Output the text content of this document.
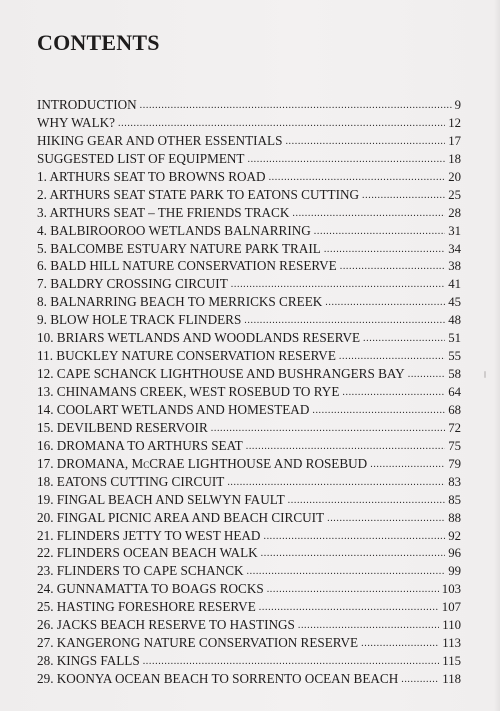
CONTENTS
INTRODUCTION .....	9
WHY WALK? .....	12
HIKING GEAR AND OTHER ESSENTIALS .....	17
SUGGESTED LIST OF EQUIPMENT .....	18
1. ARTHURS SEAT TO BROWNS ROAD .....	20
2. ARTHURS SEAT STATE PARK TO EATONS CUTTING .....	25
3. ARTHURS SEAT – THE FRIENDS TRACK .....	28
4. BALBIROOROO WETLANDS BALNARRING .....	31
5. BALCOMBE ESTUARY NATURE PARK TRAIL .....	34
6. BALD HILL NATURE CONSERVATION RESERVE .....	38
7. BALDRY CROSSING CIRCUIT .....	41
8. BALNARRING BEACH TO MERRICKS CREEK .....	45
9. BLOW HOLE TRACK FLINDERS .....	48
10. BRIARS WETLANDS AND WOODLANDS RESERVE .....	51
11. BUCKLEY NATURE CONSERVATION RESERVE .....	55
12. CAPE SCHANCK LIGHTHOUSE AND BUSHRANGERS BAY .....	58
13. CHINAMANS CREEK, WEST ROSEBUD TO RYE .....	64
14. COOLART WETLANDS AND HOMESTEAD .....	68
15. DEVILBEND RESERVOIR .....	72
16. DROMANA TO ARTHURS SEAT .....	75
17. DROMANA, McCRAE LIGHTHOUSE AND ROSEBUD .....	79
18. EATONS CUTTING CIRCUIT .....	83
19. FINGAL BEACH AND SELWYN FAULT .....	85
20. FINGAL PICNIC AREA AND BEACH CIRCUIT .....	88
21. FLINDERS JETTY TO WEST HEAD .....	92
22. FLINDERS OCEAN BEACH WALK .....	96
23. FLINDERS TO CAPE SCHANCK .....	99
24. GUNNAMATTA TO BOAGS ROCKS .....	103
25. HASTING FORESHORE RESERVE .....	107
26. JACKS BEACH RESERVE TO HASTINGS .....	110
27. KANGERONG NATURE CONSERVATION RESERVE .....	113
28. KINGS FALLS .....	115
29. KOONYA OCEAN BEACH TO SORRENTO OCEAN BEACH .....	118
